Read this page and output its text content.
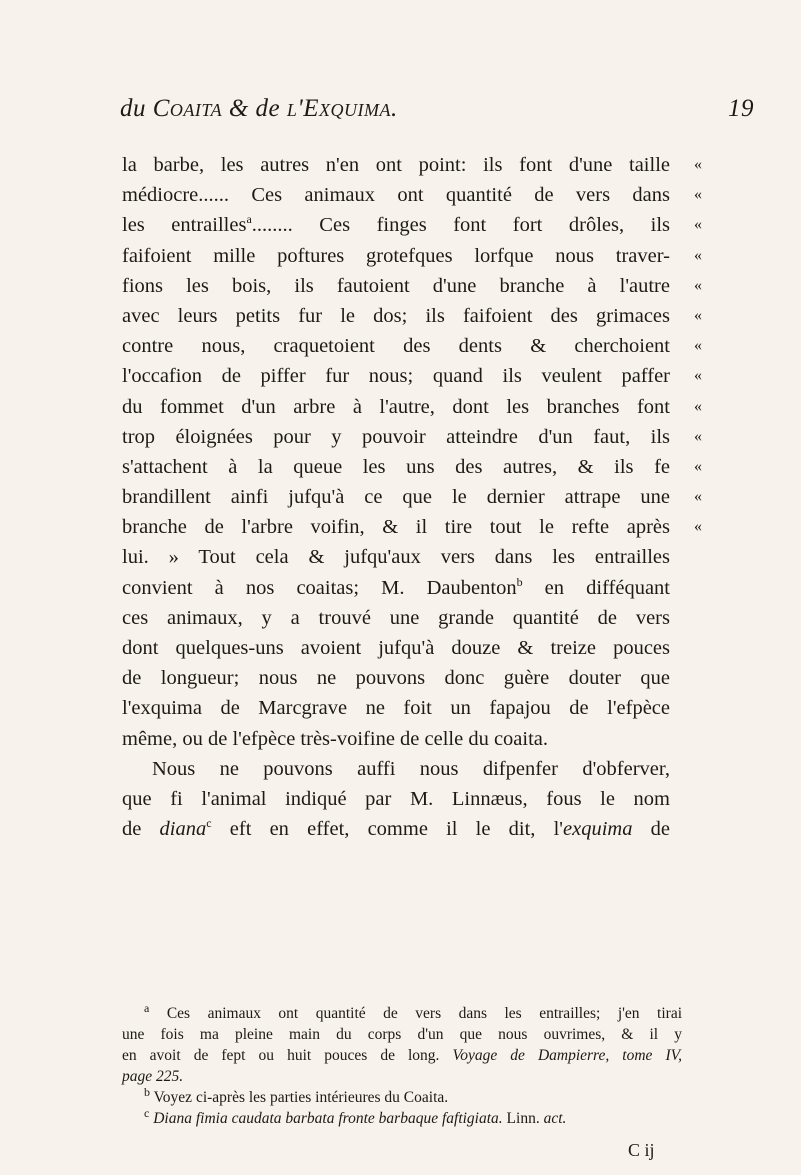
du Coaita & de l'Exquima.	19
la barbe, les autres n'en ont point: ils font d'une taille «
médiocre...... Ces animaux ont quantité de vers dans «
les entrailles$^a$........ Ces finges font fort drôles, ils «
faifoient mille poftures grotefques lorfque nous traver- «
fions les bois, ils fautoient d'une branche à l'autre «
avec leurs petits fur le dos; ils faifoient des grimaces «
contre nous, craquetoient des dents & cherchoient «
l'occafion de piffer fur nous; quand ils veulent paffer «
du fommet d'un arbre à l'autre, dont les branches font «
trop éloignées pour y pouvoir atteindre d'un faut, ils «
s'attachent à la queue les uns des autres, & ils fe «
brandillent ainfi jufqu'à ce que le dernier attrape une «
branche de l'arbre voifin, & il tire tout le refte après «
lui. » Tout cela & jufqu'aux vers dans les entrailles
convient à nos coaitas; M. Daubenton$^b$ en difféquant
ces animaux, y a trouvé une grande quantité de vers
dont quelques-uns avoient jufqu'à douze & treize pouces
de longueur; nous ne pouvons donc guère douter que
l'exquima de Marcgrave ne foit un fapajou de l'efpèce
même, ou de l'efpèce très-voifine de celle du coaita.
Nous ne pouvons auffi nous difpenfer d'obferver,
que fi l'animal indiqué par M. Linnæus, fous le nom
de diana$^c$ eft en effet, comme il le dit, l'exquima de
$^a$ Ces animaux ont quantité de vers dans les entrailles; j'en tirai
une fois ma pleine main du corps d'un que nous ouvrimes, & il y
en avoit de fept ou huit pouces de long. Voyage de Dampierre, tome IV,
page 225.
$^b$ Voyez ci-après les parties intérieures du Coaita.
$^c$ Diana fimia caudata barbata fronte barbaque faftigiata. Linn. act.
C ij
